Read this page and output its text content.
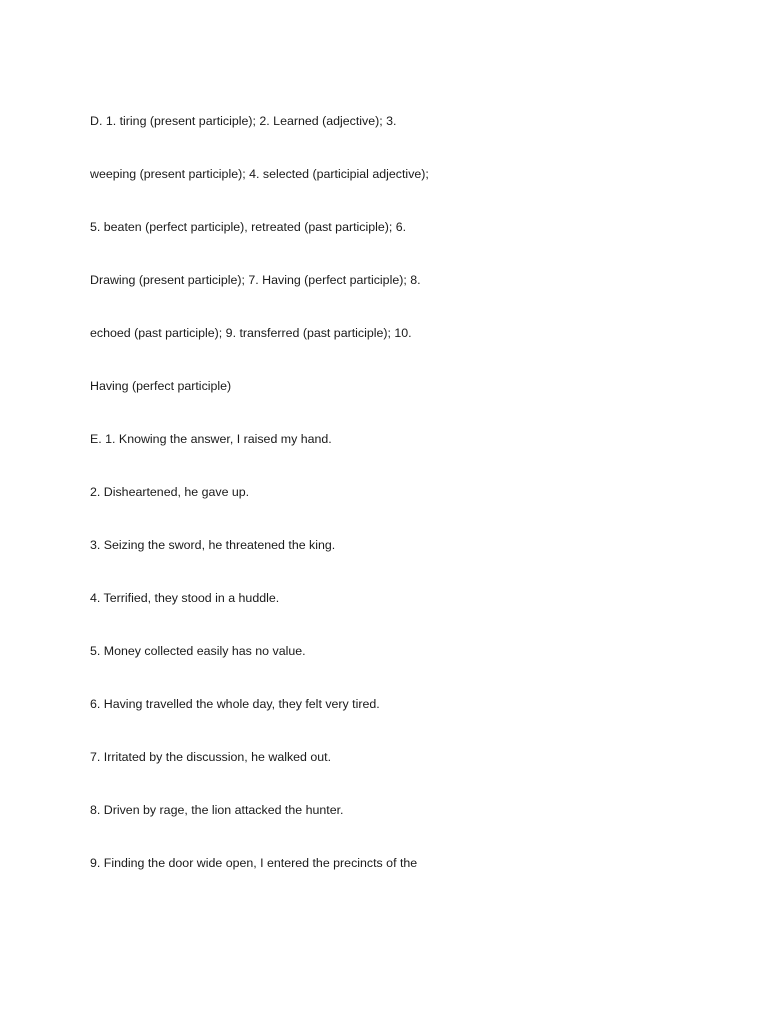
D. 1. tiring (present participle); 2. Learned (adjective); 3.
weeping (present participle); 4. selected (participial adjective);
5. beaten (perfect participle), retreated (past participle); 6.
Drawing (present participle); 7. Having (perfect participle); 8.
echoed (past participle); 9. transferred (past participle); 10.
Having (perfect participle)
E. 1. Knowing the answer, I raised my hand.
2. Disheartened, he gave up.
3. Seizing the sword, he threatened the king.
4. Terrified, they stood in a huddle.
5. Money collected easily has no value.
6. Having travelled the whole day, they felt very tired.
7. Irritated by the discussion, he walked out.
8. Driven by rage, the lion attacked the hunter.
9. Finding the door wide open, I entered the precincts of the
